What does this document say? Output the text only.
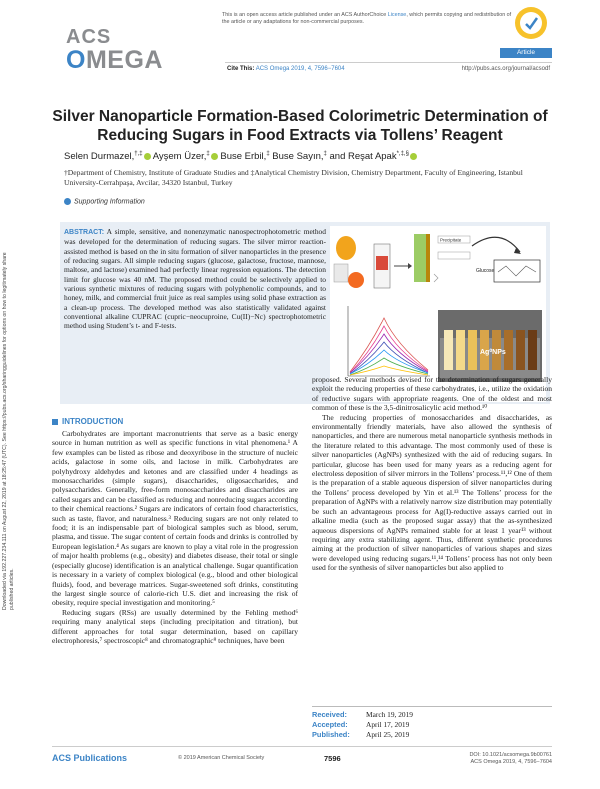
Downloaded via 192.227.234.111 on August 22, 2019 at 18:25:47 (UTC). See https://pubs.acs.org/sharingguidelines for options on how to legitimately share published articles.
ACS
OMEGA
This is an open access article published under an ACS AuthorChoice License, which permits copying and redistribution of the article or any adaptations for non-commercial purposes.
Article
Cite This: ACS Omega 2019, 4, 7596−7604	http://pubs.acs.org/journal/acsodf
Silver Nanoparticle Formation-Based Colorimetric Determination of Reducing Sugars in Food Extracts via Tollens’ Reagent
Selen Durmazel,†,‡ Ayşem Üzer,‡ Buse Erbil,‡ Buse Sayın,‡ and Reşat Apak*,‡,§
†Department of Chemistry, Institute of Graduate Studies and ‡Analytical Chemistry Division, Chemistry Department, Faculty of Engineering, Istanbul University-Cerrahpaşa, Avcilar, 34320 Istanbul, Turkey
Supporting Information
ABSTRACT: A simple, sensitive, and nonenzymatic nanospectrophotometric method was developed for the determination of reducing sugars. The silver mirror reaction-assisted method is based on the in situ formation of silver nanoparticles in the presence of reducing sugars. All simple reducing sugars (glucose, galactose, fructose, mannose, maltose, and lactose) examined had perfectly linear regression equations. The detection limit for glucose was 40 nM. The proposed method could be selectively applied to various synthetic mixtures of reducing sugars with polyphenolic compounds, and to honey, milk, and commercial fruit juice as real samples using solid phase extraction as a clean-up process. The developed method was also statistically validated against conventional alkaline CUPRAC (cupric−neocuproine, Cu(II)−Nc) spectrophotometric method using Student’s t- and F-tests.
Precipitate
Glucose
Ag⁰NPs
INTRODUCTION
Carbohydrates are important macronutrients that serve as a basic energy source in human nutrition as well as specific functions in vital phenomena.¹ A few examples can be listed as ribose and deoxyribose in the structure of nucleic acids, galactose in some oils, and lactose in milk. Carbohydrates are polyhydroxy aldehydes and ketones and are classified under 4 headings as monosaccharides (simple sugars), disaccharides, oligosaccharides, and polysaccharides. Generally, free-form monosaccharides and disaccharides are called sugars and can be classified as reducing and nonreducing sugars according to their chemical reactions.² Sugars are indicators of certain food characteristics, such as taste, flavor, and naturalness.³ Reducing sugars are not only related to food; it is an indispensable part of biological samples such as blood, serum, plasma, and tissue. The sugar content of certain foods and drinks is controlled by European legislation.⁴ As sugars are known to play a vital role in the progression of major health problems (e.g., obesity) and diabetes disease, their total or single (especially glucose) identification is an analytical challenge. Sugar quantification is necessary in a variety of complex biological (e.g., blood and other biological fluids), food, and beverage matrices. Sugar-sweetened soft drinks, constituting the largest single source of calorie-rich U.S. diet and increasing the risk of obesity, require special investigation and monitoring.⁵
Reducing sugars (RSs) are usually determined by the Fehling method⁶ requiring many analytical steps (including precipitation and titration), but different approaches for total sugar determination, based on capillary electrophoresis,⁷ spectroscopic⁸ and chromatographic⁹ techniques, have been
proposed. Several methods devised for the determination of sugars generally exploit the reducing properties of these carbohydrates, i.e., utilize the oxidation of reductive sugars with appropriate reagents. One of the oldest and most common of these is the 3,5-dinitrosalicylic acid method.¹⁰
The reducing properties of monosaccharides and disaccharides, as environmentally friendly materials, have also allowed the synthesis of nanoparticles, and there are numerous metal nanoparticle synthesis methods in the literature related to this advantage. The most commonly used of these is silver nanoparticles (AgNPs) synthesized with the aid of reducing sugars. In particular, glucose has been used for many years as a reducing agent for electroless deposition of silver mirrors in the Tollens’ process.¹¹,¹² One of them is the preparation of a stable aqueous dispersion of silver nanoparticles during the Tollens’ process developed by Yin et al.¹³ The Tollens’ process for the preparation of AgNPs with a relatively narrow size distribution may potentially be such an advantageous process for Ag(I)-reductive assays carried out in alkaline media (such as the proposed sugar assay) that the as-synthesized aqueous dispersions of AgNPs remained stable for at least 1 year¹³ without requiring any extra stabilizing agent. Thus, different synthetic procedures aiming at the production of silver nanoparticles of various shapes and sizes were developed using reducing sugars.¹¹,¹⁴ Tollens’ process has not only been used for the synthesis of silver nanoparticles but also applied to
Received:	March 19, 2019
Accepted: April 17, 2019
Published: April 25, 2019
ACS Publications	© 2019 American Chemical Society	7596	DOI: 10.1021/acsomega.9b00761
ACS Omega 2019, 4, 7596−7604
